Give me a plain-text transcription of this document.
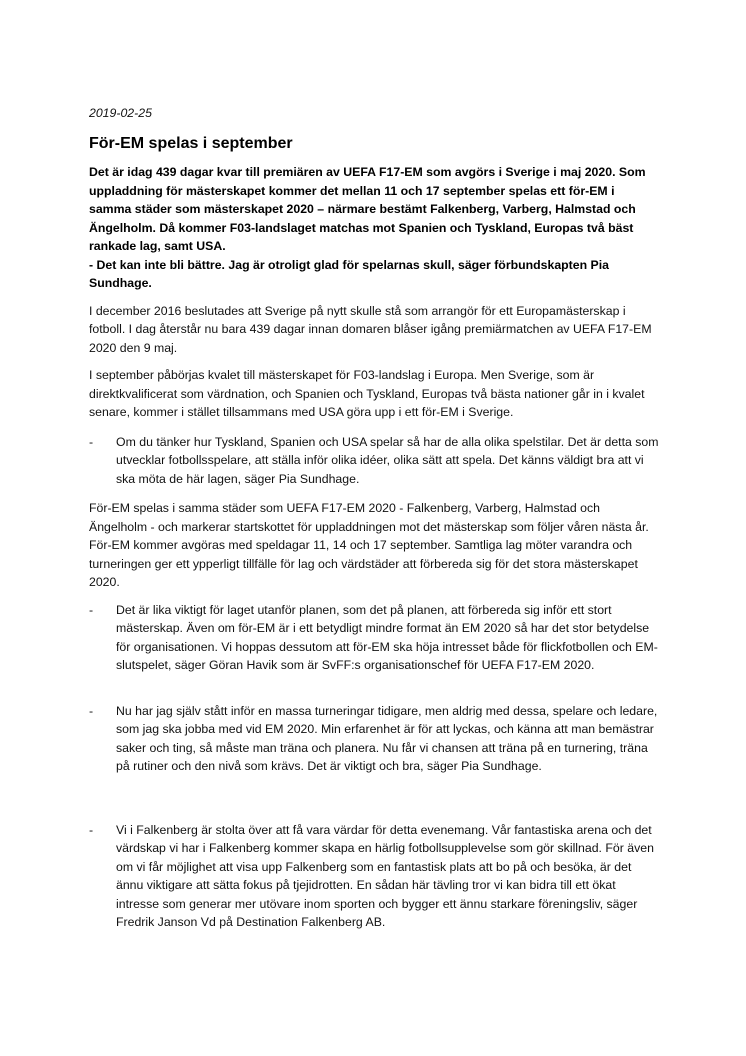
2019-02-25
För-EM spelas i september

Det är idag 439 dagar kvar till premiären av UEFA F17-EM som avgörs i Sverige i maj 2020. Som uppladdning för mästerskapet kommer det mellan 11 och 17 september spelas ett för-EM i samma städer som mästerskapet 2020 – närmare bestämt Falkenberg, Varberg, Halmstad och Ängelholm. Då kommer F03-landslaget matchas mot Spanien och Tyskland, Europas två bäst rankade lag, samt USA.

- Det kan inte bli bättre. Jag är otroligt glad för spelarnas skull, säger förbundskapten Pia Sundhage.

I december 2016 beslutades att Sverige på nytt skulle stå som arrangör för ett Europamästerskap i fotboll. I dag återstår nu bara 439 dagar innan domaren blåser igång premiärmatchen av UEFA F17-EM 2020 den 9 maj.
I september påbörjas kvalet till mästerskapet för F03-landslag i Europa. Men Sverige, som är direktkvalificerat som värdnation, och Spanien och Tyskland, Europas två bästa nationer går in i kvalet senare, kommer i stället tillsammans med USA göra upp i ett för-EM i Sverige.
-	Om du tänker hur Tyskland, Spanien och USA spelar så har de alla olika spelstilar. Det är detta som utvecklar fotbollsspelare, att ställa inför olika idéer, olika sätt att spela. Det känns väldigt bra att vi ska möta de här lagen, säger Pia Sundhage.
För-EM spelas i samma städer som UEFA F17-EM 2020 - Falkenberg, Varberg, Halmstad och Ängelholm - och markerar startskottet för uppladdningen mot det mästerskap som följer våren nästa år. För-EM kommer avgöras med speldagar 11, 14 och 17 september. Samtliga lag möter varandra och turneringen ger ett ypperligt tillfälle för lag och värdstäder att förbereda sig för det stora mästerskapet 2020.
-	Det är lika viktigt för laget utanför planen, som det på planen, att förbereda sig inför ett stort mästerskap. Även om för-EM är i ett betydligt mindre format än EM 2020 så har det stor betydelse för organisationen. Vi hoppas dessutom att för-EM ska höja intresset både för flickfotbollen och EM-slutspelet, säger Göran Havik som är SvFF:s organisationschef för UEFA F17-EM 2020.
-	Nu har jag själv stått inför en massa turneringar tidigare, men aldrig med dessa, spelare och ledare, som jag ska jobba med vid EM 2020. Min erfarenhet är för att lyckas, och känna att man bemästrar saker och ting, så måste man träna och planera. Nu får vi chansen att träna på en turnering, träna på rutiner och den nivå som krävs. Det är viktigt och bra, säger Pia Sundhage.
-	Vi i Falkenberg är stolta över att få vara värdar för detta evenemang. Vår fantastiska arena och det värdskap vi har i Falkenberg kommer skapa en härlig fotbollsupplevelse som gör skillnad. För även om vi får möjlighet att visa upp Falkenberg som en fantastisk plats att bo på och besöka, är det ännu viktigare att sätta fokus på tjejidrotten. En sådan här tävling tror vi kan bidra till ett ökat intresse som generar mer utövare inom sporten och bygger ett ännu starkare föreningsliv, säger Fredrik Janson Vd på Destination Falkenberg AB.
